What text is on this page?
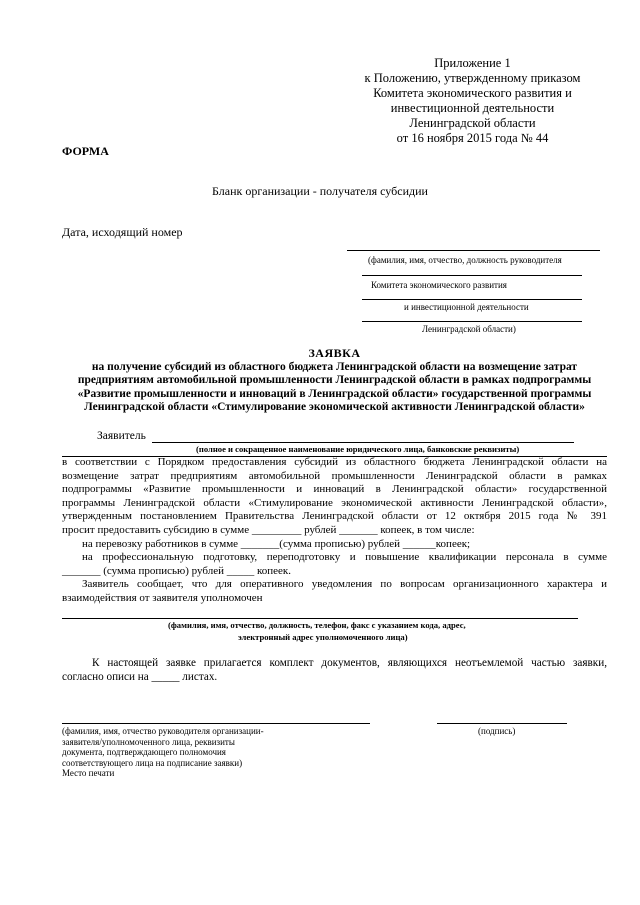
Приложение 1
к Положению, утвержденному приказом
Комитета экономического развития и
инвестиционной деятельности
Ленинградской области
от 16 ноября 2015 года № 44
ФОРМА
Бланк организации - получателя субсидии
Дата, исходящий номер
(фамилия, имя, отчество, должность руководителя
Комитета экономического развития
и инвестиционной деятельности
Ленинградской области)
ЗАЯВКА
на получение субсидий из областного бюджета Ленинградской области на возмещение затрат
предприятиям автомобильной промышленности Ленинградской области в рамках подпрограммы
«Развитие промышленности и инноваций в Ленинградской области» государственной программы
Ленинградской области «Стимулирование экономической активности Ленинградской области»
Заявитель
(полное и сокращенное наименование юридического лица, банковские реквизиты)
в соответствии с Порядком предоставления субсидий из областного бюджета Ленинградской области на
возмещение затрат предприятиям автомобильной промышленности Ленинградской области в рамках
подпрограммы «Развитие промышленности и инноваций в Ленинградской области» государственной
программы Ленинградской области «Стимулирование экономической активности Ленинградской области»,
утвержденным постановлением Правительства Ленинградской области от 12 октября 2015 года № 391
просит предоставить субсидию в сумме _________ рублей _______ копеек, в том числе:
на перевозку работников в сумме _______(сумма прописью) рублей ______копеек;
на профессиональную подготовку, переподготовку и повышение квалификации персонала в сумме
_______ (сумма прописью) рублей _____ копеек.
Заявитель сообщает, что для оперативного уведомления по вопросам организационного характера и
взаимодействия от заявителя уполномочен
(фамилия, имя, отчество, должность, телефон, факс с указанием кода, адрес,
электронный адрес уполномоченного лица)
К настоящей заявке прилагается комплект документов, являющихся неотъемлемой частью заявки,
согласно описи на _____ листах.
(подпись)
(фамилия, имя, отчество руководителя организации-
заявителя/уполномоченного лица, реквизиты
документа, подтверждающего полномочия
соответствующего лица на подписание заявки)
Место печати
